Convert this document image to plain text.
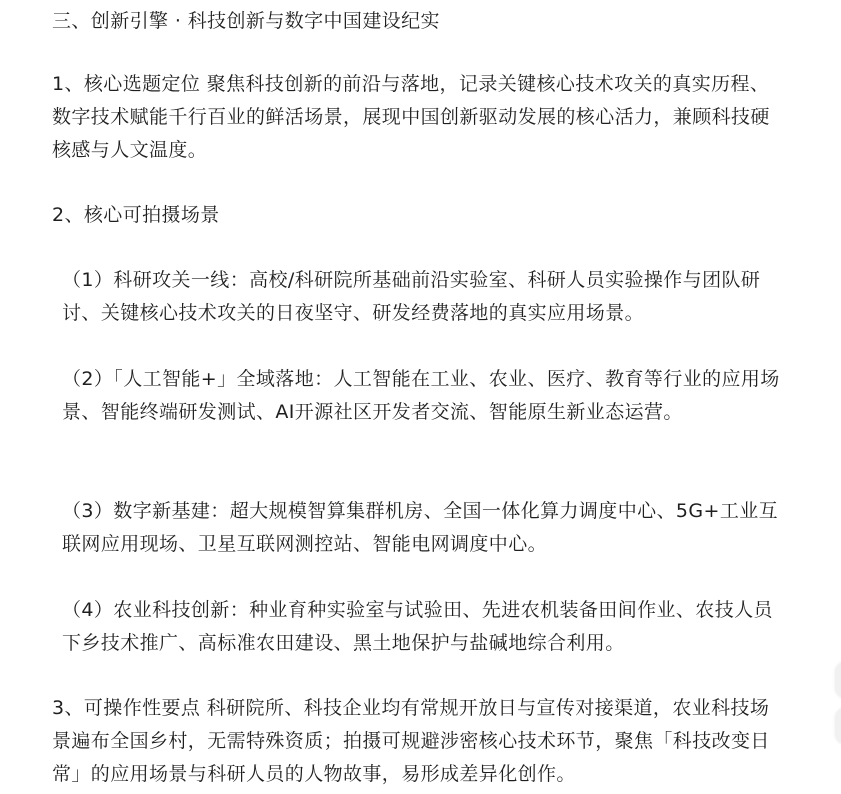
三、创新引擎 · 科技创新与数字中国建设纪实

1、核心选题定位 聚焦科技创新的前沿与落地，记录关键核心技术攻关的真实历程、数字技术赋能千行百业的鲜活场景，展现中国创新驱动发展的核心活力，兼顾科技硬核感与人文温度。

2、核心可拍摄场景

（1）科研攻关一线：高校/科研院所基础前沿实验室、科研人员实验操作与团队研讨、关键核心技术攻关的日夜坚守、研发经费落地的真实应用场景。

（2）「人工智能+」全域落地：人工智能在工业、农业、医疗、教育等行业的应用场景、智能终端研发测试、AI开源社区开发者交流、智能原生新业态运营。

（3）数字新基建：超大规模智算集群机房、全国一体化算力调度中心、5G+工业互联网应用现场、卫星互联网测控站、智能电网调度中心。

（4）农业科技创新：种业育种实验室与试验田、先进农机装备田间作业、农技人员下乡技术推广、高标准农田建设、黑土地保护与盐碱地综合利用。

3、可操作性要点 科研院所、科技企业均有常规开放日与宣传对接渠道，农业科技场景遍布全国乡村，无需特殊资质；拍摄可规避涉密核心技术环节，聚焦「科技改变日常」的应用场景与科研人员的人物故事，易形成差异化创作。
